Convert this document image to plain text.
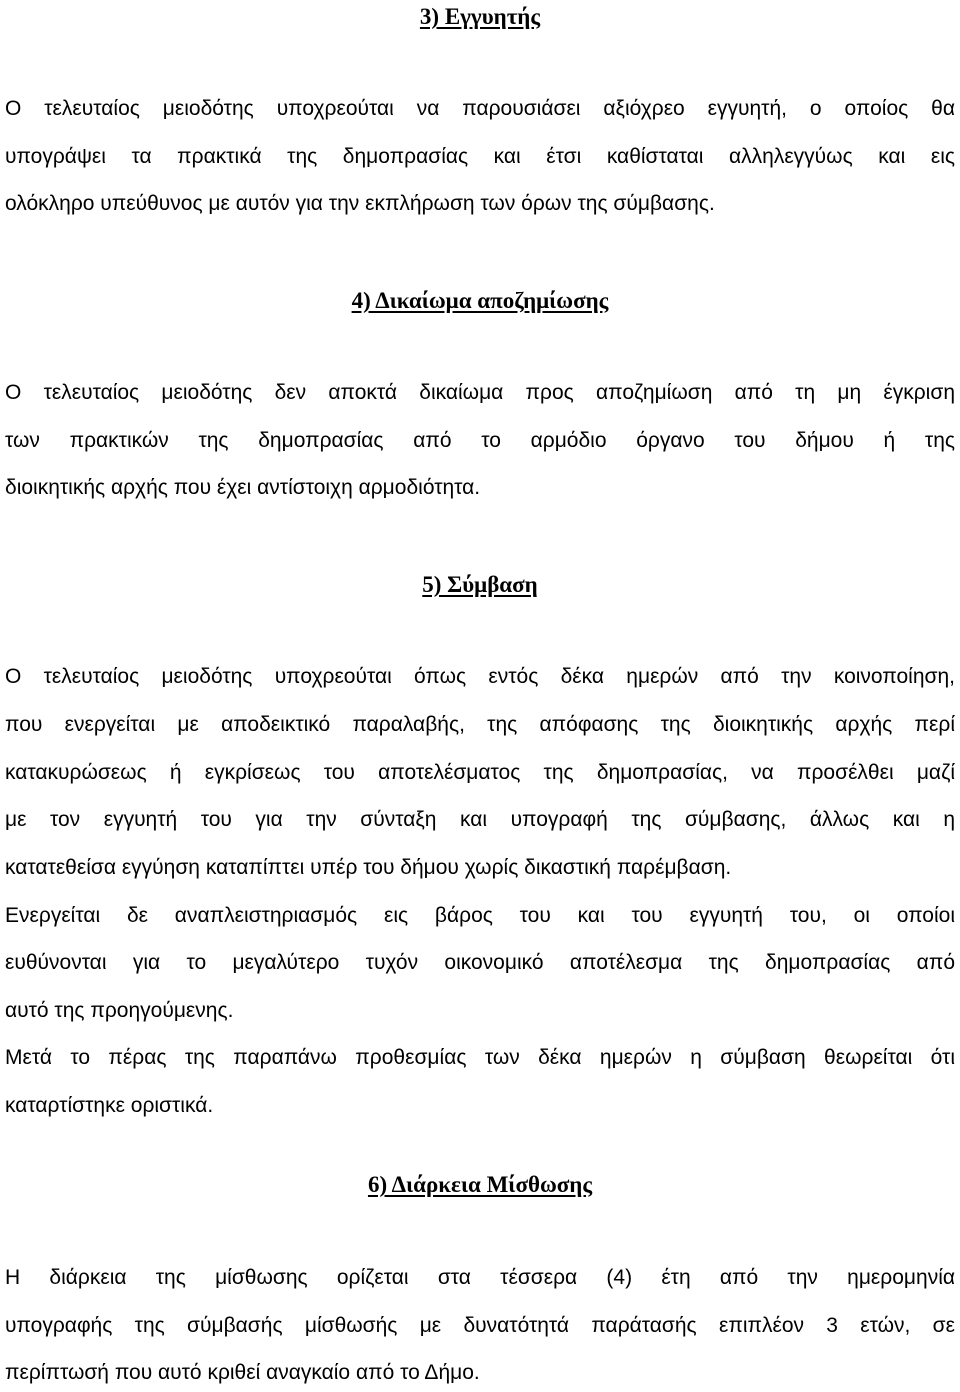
3) Εγγυητής

Ο τελευταίος μειοδότης υποχρεούται να παρουσιάσει αξιόχρεο εγγυητή, ο οποίος θα

υπογράψει τα πρακτικά της δημοπρασίας και έτσι καθίσταται αλληλεγγύως και εις

ολόκληρο υπεύθυνος με αυτόν για την εκπλήρωση των όρων της σύμβασης.

4) Δικαίωμα αποζημίωσης

Ο τελευταίος μειοδότης δεν αποκτά δικαίωμα προς αποζημίωση από τη μη έγκριση

των πρακτικών της δημοπρασίας από το αρμόδιο όργανο του δήμου ή της

διοικητικής αρχής που έχει αντίστοιχη αρμοδιότητα.

5) Σύμβαση

Ο τελευταίος μειοδότης υποχρεούται όπως εντός δέκα ημερών από την κοινοποίηση,

που ενεργείται με αποδεικτικό παραλαβής, της απόφασης της διοικητικής αρχής περί

κατακυρώσεως ή εγκρίσεως του αποτελέσματος της δημοπρασίας, να προσέλθει μαζί

με τον εγγυητή του για την σύνταξη και υπογραφή της σύμβασης, άλλως και η

κατατεθείσα εγγύηση καταπίπτει υπέρ του δήμου χωρίς δικαστική παρέμβαση.

Ενεργείται δε αναπλειστηριασμός εις βάρος του και του εγγυητή του, οι οποίοι

ευθύνονται για το μεγαλύτερο τυχόν οικονομικό αποτέλεσμα της δημοπρασίας από

αυτό της προηγούμενης.

Μετά το πέρας της παραπάνω προθεσμίας των δέκα ημερών η σύμβαση θεωρείται ότι

καταρτίστηκε οριστικά.

6) Διάρκεια Μίσθωσης

Η διάρκεια της μίσθωσης ορίζεται στα τέσσερα (4) έτη από την ημερομηνία

υπογραφής της σύμβασής μίσθωσής με δυνατότητά παράτασής επιπλέον 3 ετών, σε

περίπτωσή που αυτό κριθεί αναγκαίο από το Δήμο.
